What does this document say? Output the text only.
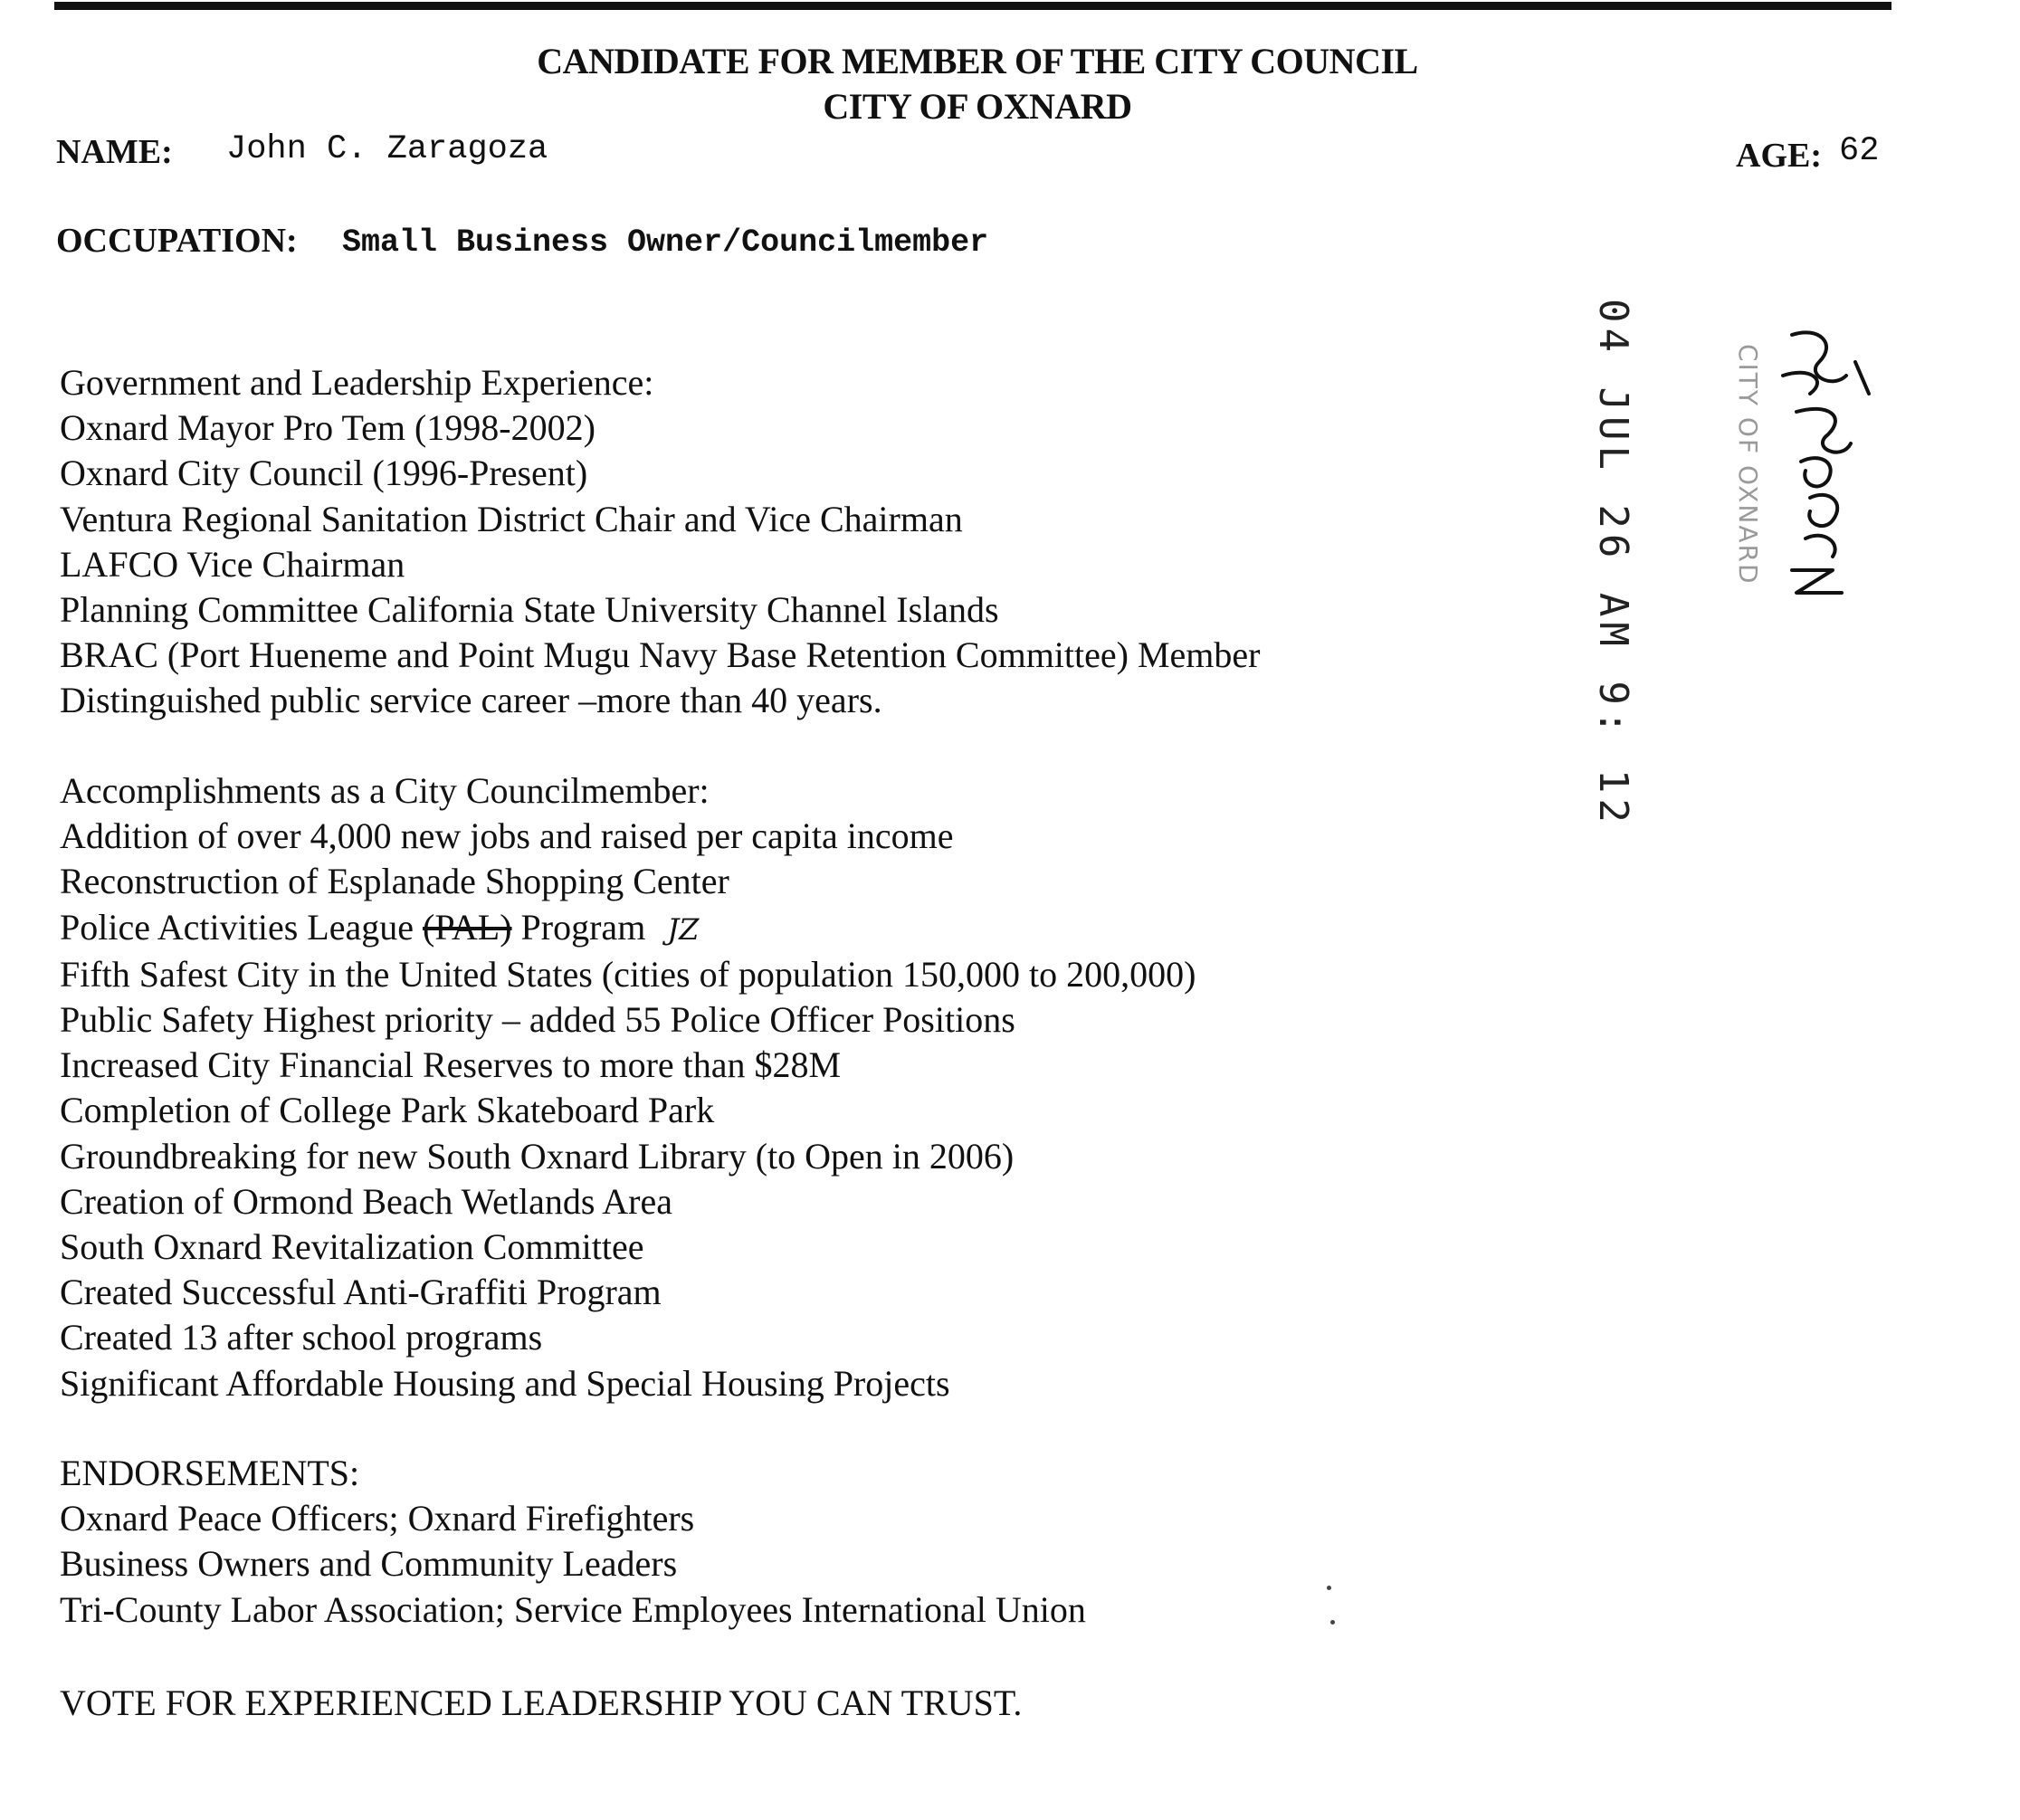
CANDIDATE FOR MEMBER OF THE CITY COUNCIL
CITY OF OXNARD
NAME: John C. Zaragoza	AGE: 62
OCCUPATION: Small Business Owner/Councilmember
Government and Leadership Experience:
Oxnard Mayor Pro Tem (1998-2002)
Oxnard City Council (1996-Present)
Ventura Regional Sanitation District Chair and Vice Chairman
LAFCO Vice Chairman
Planning Committee California State University Channel Islands
BRAC (Port Hueneme and Point Mugu Navy Base Retention Committee) Member
Distinguished public service career –more than 40 years.
Accomplishments as a City Councilmember:
Addition of over 4,000 new jobs and raised per capita income
Reconstruction of Esplanade Shopping Center
Police Activities League (PAL) Program JZ
Fifth Safest City in the United States (cities of population 150,000 to 200,000)
Public Safety Highest priority – added 55 Police Officer Positions
Increased City Financial Reserves to more than $28M
Completion of College Park Skateboard Park
Groundbreaking for new South Oxnard Library (to Open in 2006)
Creation of Ormond Beach Wetlands Area
South Oxnard Revitalization Committee
Created Successful Anti-Graffiti Program
Created 13 after school programs
Significant Affordable Housing and Special Housing Projects
ENDORSEMENTS:
Oxnard Peace Officers; Oxnard Firefighters
Business Owners and Community Leaders
Tri-County Labor Association; Service Employees International Union
VOTE FOR EXPERIENCED LEADERSHIP YOU CAN TRUST.
04 JUL 26 AM 9: 12	CITY OF OXNARD
